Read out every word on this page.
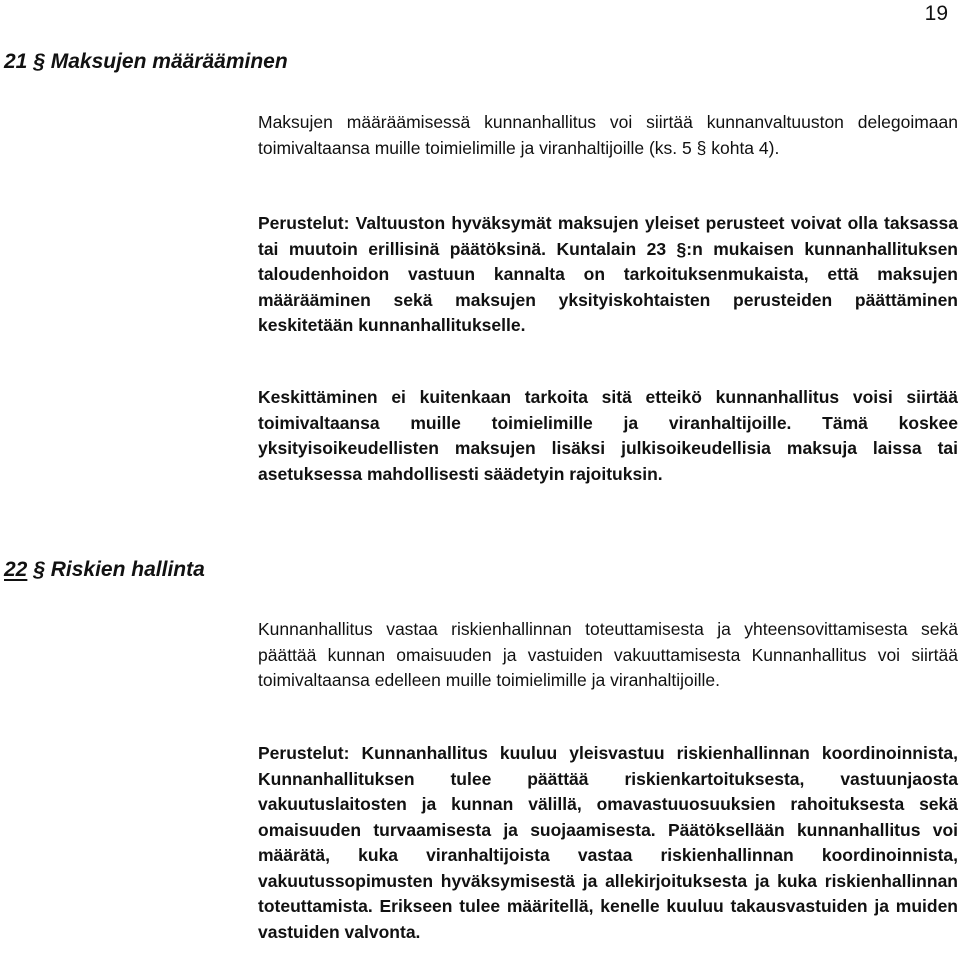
19
21 § Maksujen määrääminen

Maksujen määräämisessä kunnanhallitus voi siirtää kunnanvaltuuston delegoimaan toimivaltaansa muille toimielimille ja viranhaltijoille (ks. 5 § kohta 4).

Perustelut: Valtuuston hyväksymät maksujen yleiset perusteet voivat olla taksassa tai muutoin erillisinä päätöksinä. Kuntalain 23 §:n mukaisen kunnanhallituksen taloudenhoidon vastuun kannalta on tarkoituksenmukaista, että maksujen määrääminen sekä maksujen yksityiskohtaisten perusteiden päättäminen keskitetään kunnanhallitukselle.

Keskittäminen ei kuitenkaan tarkoita sitä etteikö kunnanhallitus voisi siirtää toimivaltaansa muille toimielimille ja viranhaltijoille. Tämä koskee yksityisoikeudellisten maksujen lisäksi julkisoikeudellisia maksuja laissa tai asetuksessa mahdollisesti säädetyin rajoituksin.

22 § Riskien hallinta

Kunnanhallitus vastaa riskienhallinnan toteuttamisesta ja yhteensovittamisesta sekä päättää kunnan omaisuuden ja vastuiden vakuuttamisesta Kunnanhallitus voi siirtää toimivaltaansa edelleen muille toimielimille ja viranhaltijoille.

Perustelut: Kunnanhallitus kuuluu yleisvastuu riskienhallinnan koordinoinnista, Kunnanhallituksen tulee päättää riskienkartoituksesta, vastuunjaosta vakuutuslaitosten ja kunnan välillä, omavastuuosuuksien rahoituksesta sekä omaisuuden turvaamisesta ja suojaamisesta. Päätöksellään kunnanhallitus voi määrätä, kuka viranhaltijoista vastaa riskienhallinnan koordinoinnista, vakuutussopimusten hyväksymisestä ja allekirjoituksesta ja kuka riskienhallinnan toteuttamista. Erikseen tulee määritellä, kenelle kuuluu takausvastuiden ja muiden vastuiden valvonta.
